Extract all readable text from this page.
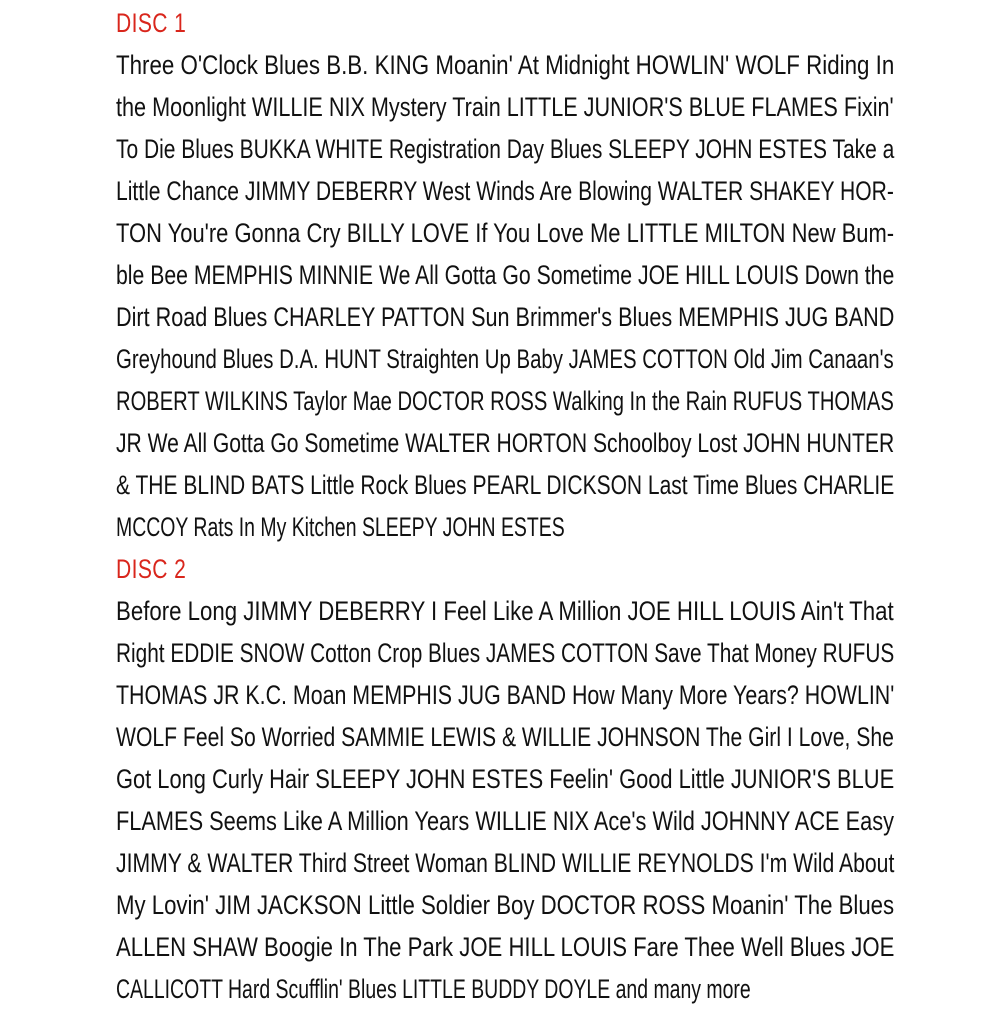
DISC 1
Three O'Clock Blues B.B. KING Moanin' At Midnight HOWLIN' WOLF Riding In
the Moonlight WILLIE NIX Mystery Train LITTLE JUNIOR'S BLUE FLAMES Fixin'
To Die Blues BUKKA WHITE Registration Day Blues SLEEPY JOHN ESTES Take a
Little Chance JIMMY DEBERRY West Winds Are Blowing WALTER SHAKEY HOR-
TON You're Gonna Cry BILLY LOVE If You Love Me LITTLE MILTON New Bum-
ble Bee MEMPHIS MINNIE We All Gotta Go Sometime JOE HILL LOUIS Down the
Dirt Road Blues CHARLEY PATTON Sun Brimmer's Blues MEMPHIS JUG BAND
Greyhound Blues D.A. HUNT Straighten Up Baby JAMES COTTON Old Jim Canaan's
ROBERT WILKINS Taylor Mae DOCTOR ROSS Walking In the Rain RUFUS THOMAS
JR We All Gotta Go Sometime WALTER HORTON Schoolboy Lost JOHN HUNTER
& THE BLIND BATS Little Rock Blues PEARL DICKSON Last Time Blues CHARLIE
MCCOY Rats In My Kitchen SLEEPY JOHN ESTES
DISC 2
Before Long JIMMY DEBERRY I Feel Like A Million JOE HILL LOUIS Ain't That
Right EDDIE SNOW Cotton Crop Blues JAMES COTTON Save That Money RUFUS
THOMAS JR K.C. Moan MEMPHIS JUG BAND How Many More Years? HOWLIN'
WOLF Feel So Worried SAMMIE LEWIS & WILLIE JOHNSON The Girl I Love, She
Got Long Curly Hair SLEEPY JOHN ESTES Feelin' Good Little JUNIOR'S BLUE
FLAMES Seems Like A Million Years WILLIE NIX Ace's Wild JOHNNY ACE Easy
JIMMY & WALTER Third Street Woman BLIND WILLIE REYNOLDS I'm Wild About
My Lovin' JIM JACKSON Little Soldier Boy DOCTOR ROSS Moanin' The Blues
ALLEN SHAW Boogie In The Park JOE HILL LOUIS Fare Thee Well Blues JOE
CALLICOTT Hard Scufflin' Blues LITTLE BUDDY DOYLE and many more
